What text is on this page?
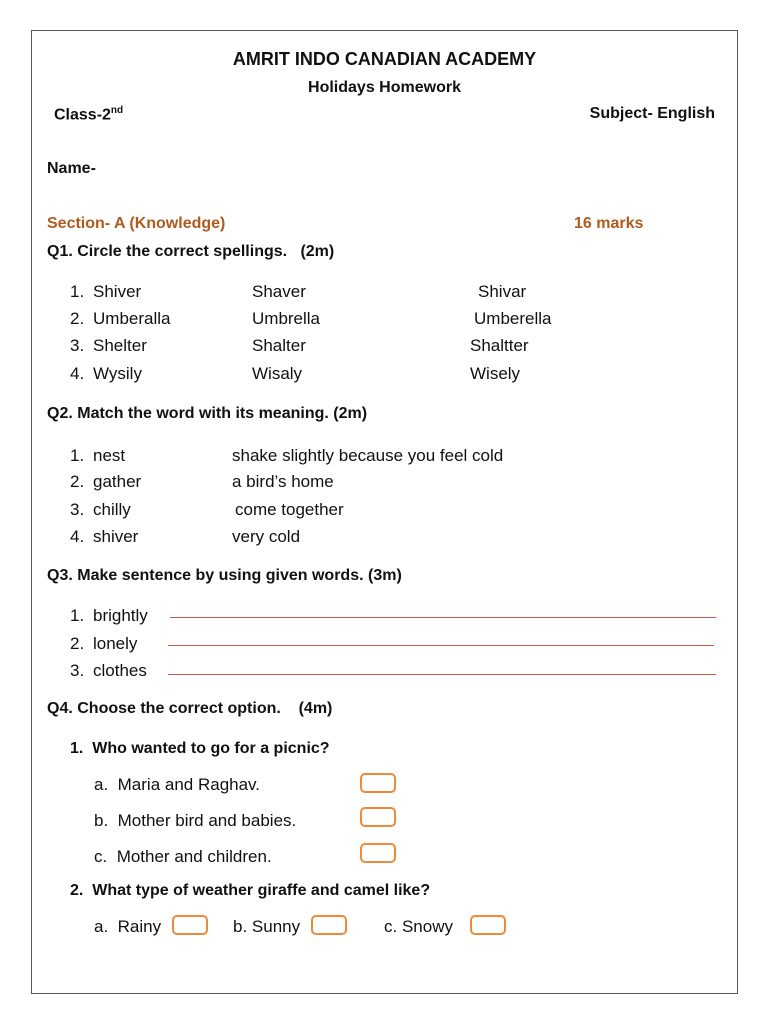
AMRIT INDO CANADIAN ACADEMY
Holidays Homework
Class-2nd	Subject- English
Name-
Section- A (Knowledge)	16 marks
Q1. Circle the correct spellings. (2m)
1. Shiver	Shaver	Shivar
2. Umberalla	Umbrella	Umberella
3. Shelter	Shalter	Shaltter
4. Wysily	Wisaly	Wisely
Q2. Match the word with its meaning. (2m)
1. nest	shake slightly because you feel cold
2. gather	a bird’s home
3. chilly	come together
4. shiver	very cold
Q3. Make sentence by using given words. (3m)
1. brightly
2. lonely
3. clothes
Q4. Choose the correct option. (4m)
1. Who wanted to go for a picnic?
a. Maria and Raghav.
b. Mother bird and babies.
c. Mother and children.
2. What type of weather giraffe and camel like?
a. Rainy	b. Sunny	c. Snowy
